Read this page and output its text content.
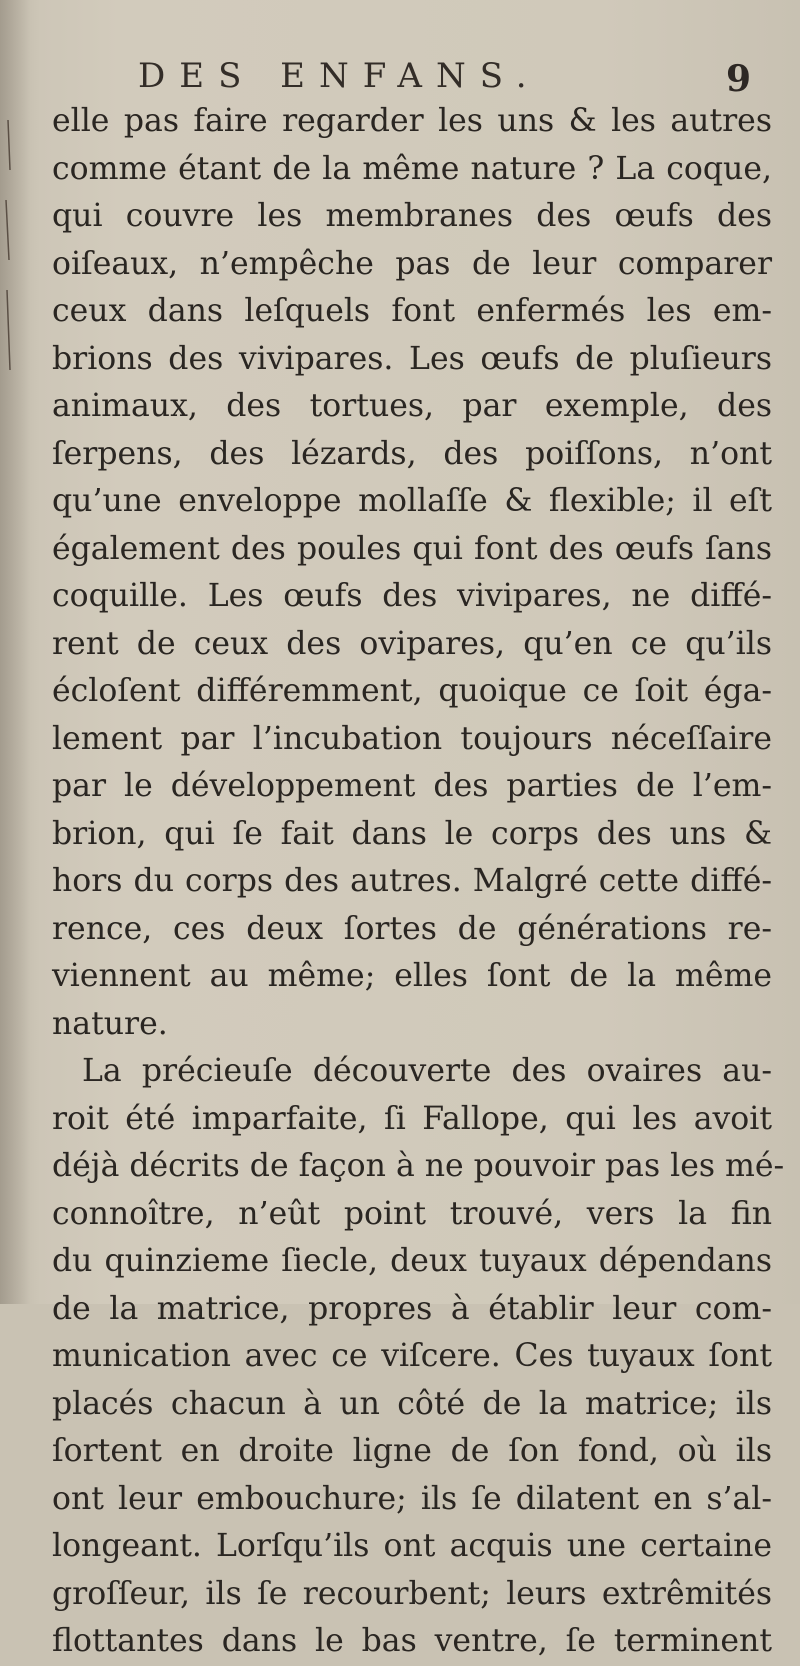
DES ENFANS.	9
elle pas faire regarder les uns & les autres
comme étant de la même nature ? La coque,
qui couvre les membranes des œufs des
oiſeaux, n’empêche pas de leur comparer
ceux dans leſquels font enfermés les em-
brions des vivipares. Les œufs de pluſieurs
animaux, des tortues, par exemple, des
ſerpens, des lézards, des poiſſons, n’ont
qu’une enveloppe mollaſſe & flexible; il eſt
également des poules qui font des œufs ſans
coquille. Les œufs des vivipares, ne diffé-
rent de ceux des ovipares, qu’en ce qu’ils
écloſent différemment, quoique ce ſoit éga-
lement par l’incubation toujours néceſſaire
par le développement des parties de l’em-
brion, qui ſe fait dans le corps des uns &
hors du corps des autres. Malgré cette diffé-
rence, ces deux ſortes de générations re-
viennent au même; elles ſont de la même
nature.
La précieuſe découverte des ovaires au-
roit été imparfaite, ſi Fallope, qui les avoit
déjà décrits de façon à ne pouvoir pas les mé-
connoître, n’eût point trouvé, vers la fin
du quinzieme ſiecle, deux tuyaux dépendans
de la matrice, propres à établir leur com-
munication avec ce viſcere. Ces tuyaux ſont
placés chacun à un côté de la matrice; ils
ſortent en droite ligne de ſon fond, où ils
ont leur embouchure; ils ſe dilatent en s’al-
longeant. Lorſqu’ils ont acquis une certaine
groſſeur, ils ſe recourbent; leurs extrêmités
flottantes dans le bas ventre, ſe terminent
